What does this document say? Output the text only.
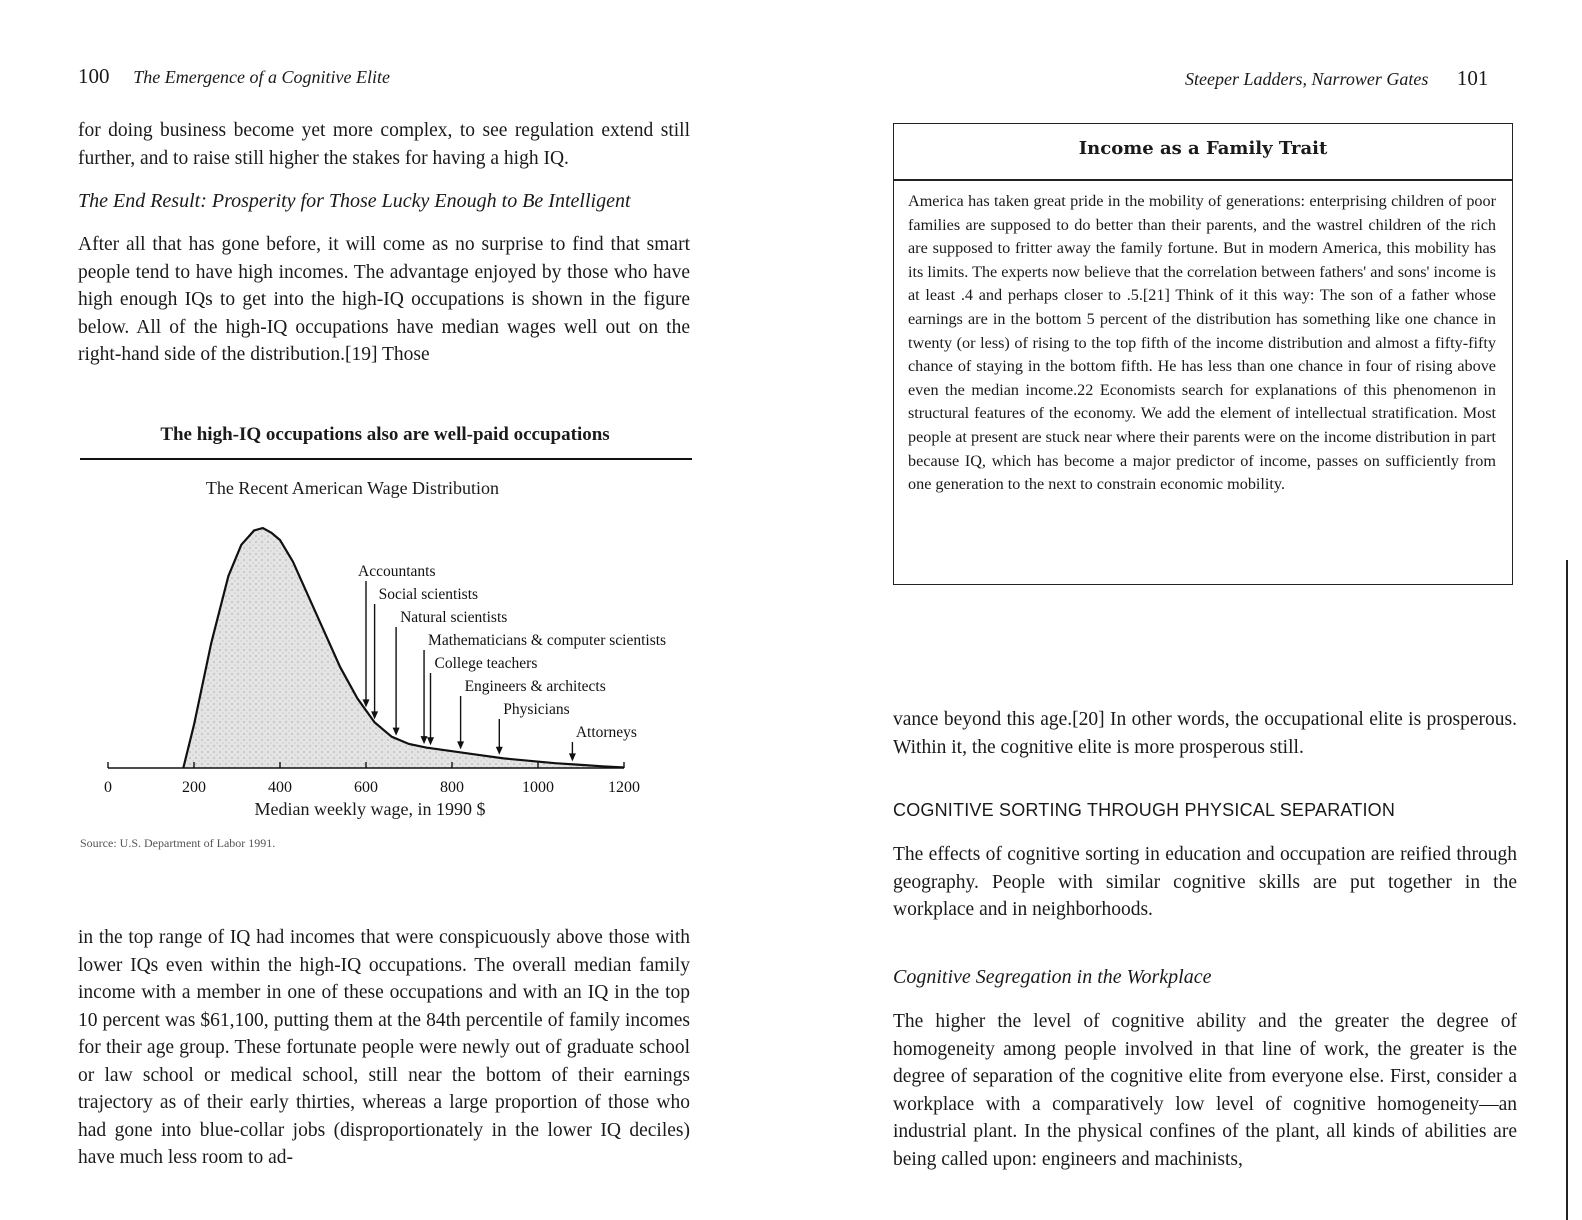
100 The Emergence of a Cognitive Elite

for doing business become yet more complex, to see regulation extend still further, and to raise still higher the stakes for having a high IQ.

The End Result: Prosperity for Those Lucky Enough to Be Intelligent

After all that has gone before, it will come as no surprise to find that smart people tend to have high incomes. The advantage enjoyed by those who have high enough IQs to get into the high-IQ occupations is shown in the figure below. All of the high-IQ occupations have median wages well out on the right-hand side of the distribution.[19] Those

The high-IQ occupations also are well-paid occupations
The Recent American Wage Distribution
0	200	400	600	800	1000	1200
Accountants
Social scientists
Natural scientists
Mathematicians & computer scientists
College teachers
Engineers & architects
Physicians
Attorneys
Median weekly wage, in 1990 $
Source: U.S. Department of Labor 1991.

in the top range of IQ had incomes that were conspicuously above those with lower IQs even within the high-IQ occupations. The overall median family income with a member in one of these occupations and with an IQ in the top 10 percent was $61,100, putting them at the 84th percentile of family incomes for their age group. These fortunate people were newly out of graduate school or law school or medical school, still near the bottom of their earnings trajectory as of their early thirties, whereas a large proportion of those who had gone into blue-collar jobs (disproportionately in the lower IQ deciles) have much less room to ad-

Steeper Ladders, Narrower Gates 101
Income as a Family Trait

America has taken great pride in the mobility of generations: enterprising children of poor families are supposed to do better than their parents, and the wastrel children of the rich are supposed to fritter away the family fortune. But in modern America, this mobility has its limits. The experts now believe that the correlation between fathers' and sons' income is at least .4 and perhaps closer to .5.[21] Think of it this way: The son of a father whose earnings are in the bottom 5 percent of the distribution has something like one chance in twenty (or less) of rising to the top fifth of the income distribution and almost a fifty-fifty chance of staying in the bottom fifth. He has less than one chance in four of rising above even the median income.22 Economists search for explanations of this phenomenon in structural features of the economy. We add the element of intellectual stratification. Most people at present are stuck near where their parents were on the income distribution in part because IQ, which has become a major predictor of income, passes on sufficiently from one generation to the next to constrain economic mobility.

vance beyond this age.[20] In other words, the occupational elite is prosperous. Within it, the cognitive elite is more prosperous still.

COGNITIVE SORTING THROUGH PHYSICAL SEPARATION

The effects of cognitive sorting in education and occupation are reified through geography. People with similar cognitive skills are put together in the workplace and in neighborhoods.

Cognitive Segregation in the Workplace

The higher the level of cognitive ability and the greater the degree of homogeneity among people involved in that line of work, the greater is the degree of separation of the cognitive elite from everyone else. First, consider a workplace with a comparatively low level of cognitive homogeneity—an industrial plant. In the physical confines of the plant, all kinds of abilities are being called upon: engineers and machinists,
